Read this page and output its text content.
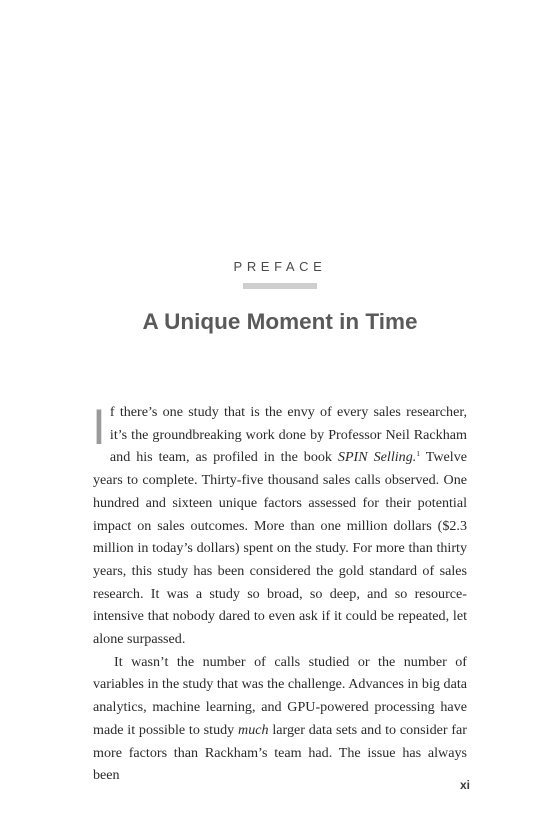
PREFACE
A Unique Moment in Time

If there’s one study that is the envy of every sales researcher, it’s the groundbreaking work done by Professor Neil Rackham and his team, as profiled in the book SPIN Selling.$^1$ Twelve years to complete. Thirty-five thousand sales calls observed. One hundred and sixteen unique factors assessed for their potential impact on sales outcomes. More than one million dollars ($2.3 million in today’s dollars) spent on the study. For more than thirty years, this study has been considered the gold standard of sales research. It was a study so broad, so deep, and so resource-intensive that nobody dared to even ask if it could be repeated, let alone surpassed.

It wasn’t the number of calls studied or the number of variables in the study that was the challenge. Advances in big data analytics, machine learning, and GPU-powered processing have made it possible to study much larger data sets and to consider far more factors than Rackham’s team had. The issue has always been

xi
